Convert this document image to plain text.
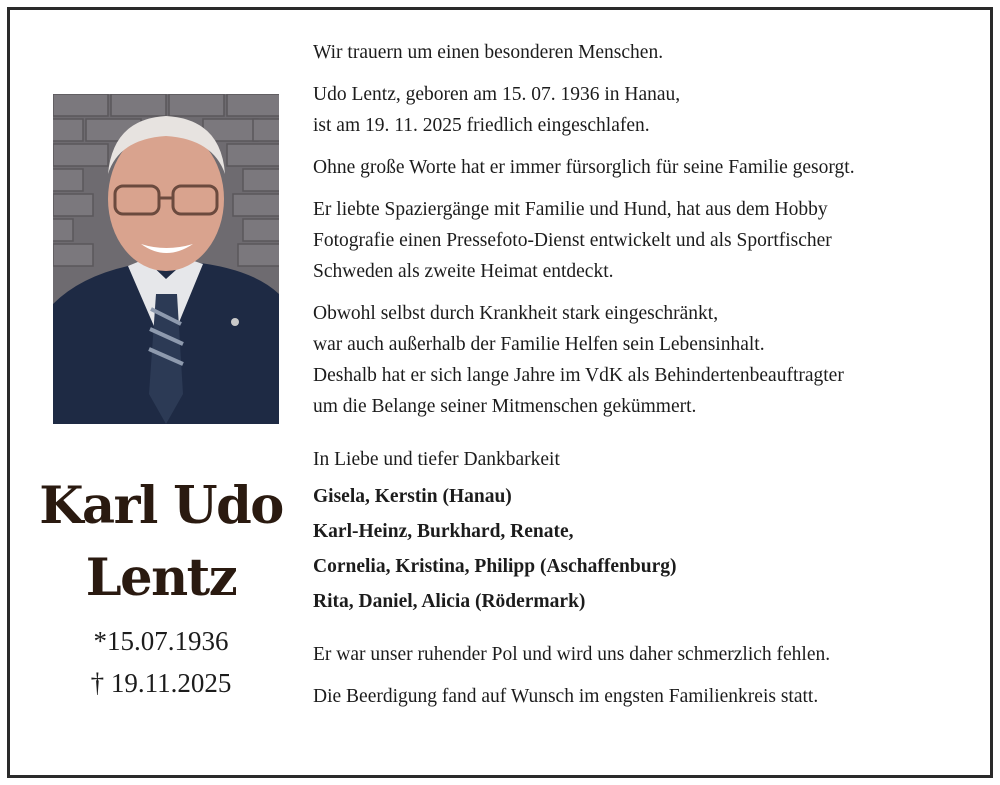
Karl Udo
Lentz
*15.07.1936
† 19.11.2025

Wir trauern um einen besonderen Menschen.

Udo Lentz, geboren am 15. 07. 1936 in Hanau,
ist am 19. 11. 2025 friedlich eingeschlafen.

Ohne große Worte hat er immer fürsorglich für seine Familie gesorgt.

Er liebte Spaziergänge mit Familie und Hund, hat aus dem Hobby
Fotografie einen Pressefoto-Dienst entwickelt und als Sportfischer
Schweden als zweite Heimat entdeckt.

Obwohl selbst durch Krankheit stark eingeschränkt,
war auch außerhalb der Familie Helfen sein Lebensinhalt.
Deshalb hat er sich lange Jahre im VdK als Behindertenbeauftragter
um die Belange seiner Mitmenschen gekümmert.

In Liebe und tiefer Dankbarkeit
Gisela, Kerstin (Hanau)
Karl-Heinz, Burkhard, Renate,
Cornelia, Kristina, Philipp (Aschaffenburg)
Rita, Daniel, Alicia (Rödermark)

Er war unser ruhender Pol und wird uns daher schmerzlich fehlen.

Die Beerdigung fand auf Wunsch im engsten Familienkreis statt.
